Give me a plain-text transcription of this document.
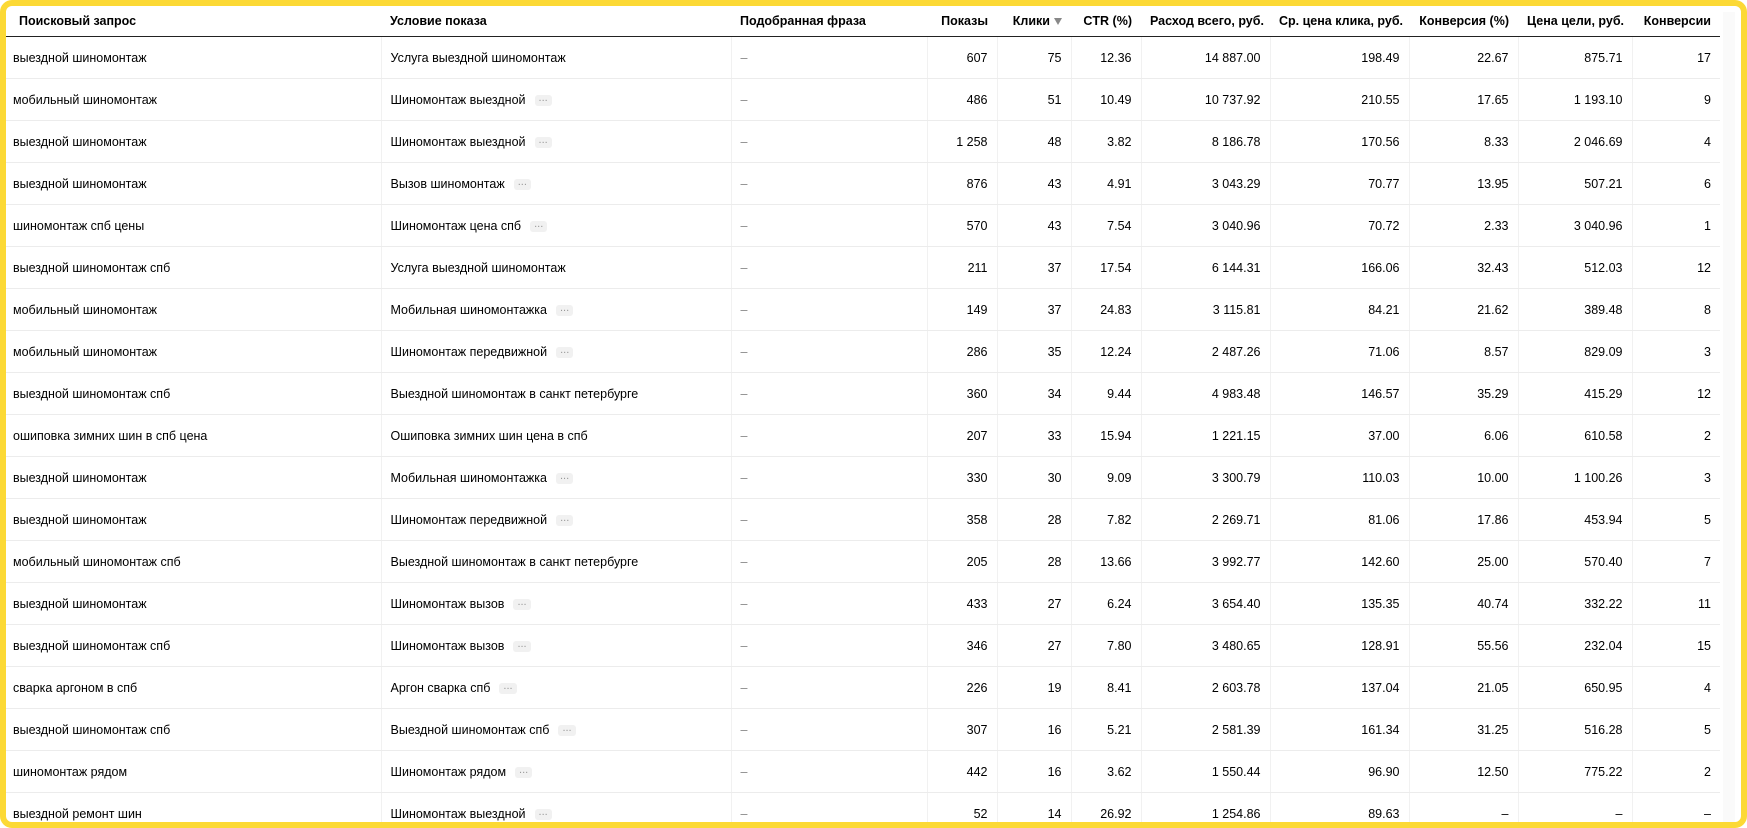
Поисковый запрос	Условие показа	Подобранная фраза	Показы	Клики	CTR (%)	Расход всего, руб.	Ср. цена клика, руб.	Конверсия (%)	Цена цели, руб.	Конверсии
выездной шиномонтаж	Услуга выездной шиномонтаж	–	607	75	12.36	14 887.00	198.49	22.67	875.71	17
мобильный шиномонтаж	Шиномонтаж выездной ...	–	486	51	10.49	10 737.92	210.55	17.65	1 193.10	9
выездной шиномонтаж	Шиномонтаж выездной ...	–	1 258	48	3.82	8 186.78	170.56	8.33	2 046.69	4
выездной шиномонтаж	Вызов шиномонтаж ...	–	876	43	4.91	3 043.29	70.77	13.95	507.21	6
шиномонтаж спб цены	Шиномонтаж цена спб ...	–	570	43	7.54	3 040.96	70.72	2.33	3 040.96	1
выездной шиномонтаж спб	Услуга выездной шиномонтаж	–	211	37	17.54	6 144.31	166.06	32.43	512.03	12
мобильный шиномонтаж	Мобильная шиномонтажка ...	–	149	37	24.83	3 115.81	84.21	21.62	389.48	8
мобильный шиномонтаж	Шиномонтаж передвижной ...	–	286	35	12.24	2 487.26	71.06	8.57	829.09	3
выездной шиномонтаж спб	Выездной шиномонтаж в санкт петербурге	–	360	34	9.44	4 983.48	146.57	35.29	415.29	12
ошиповка зимних шин в спб цена	Ошиповка зимних шин цена в спб	–	207	33	15.94	1 221.15	37.00	6.06	610.58	2
выездной шиномонтаж	Мобильная шиномонтажка ...	–	330	30	9.09	3 300.79	110.03	10.00	1 100.26	3
выездной шиномонтаж	Шиномонтаж передвижной ...	–	358	28	7.82	2 269.71	81.06	17.86	453.94	5
мобильный шиномонтаж спб	Выездной шиномонтаж в санкт петербурге	–	205	28	13.66	3 992.77	142.60	25.00	570.40	7
выездной шиномонтаж	Шиномонтаж вызов ...	–	433	27	6.24	3 654.40	135.35	40.74	332.22	11
выездной шиномонтаж спб	Шиномонтаж вызов ...	–	346	27	7.80	3 480.65	128.91	55.56	232.04	15
сварка аргоном в спб	Аргон сварка спб ...	–	226	19	8.41	2 603.78	137.04	21.05	650.95	4
выездной шиномонтаж спб	Выездной шиномонтаж спб ...	–	307	16	5.21	2 581.39	161.34	31.25	516.28	5
шиномонтаж рядом	Шиномонтаж рядом ...	–	442	16	3.62	1 550.44	96.90	12.50	775.22	2
выездной ремонт шин	Шиномонтаж выездной ...	–	52	14	26.92	1 254.86	89.63	–	–	–
